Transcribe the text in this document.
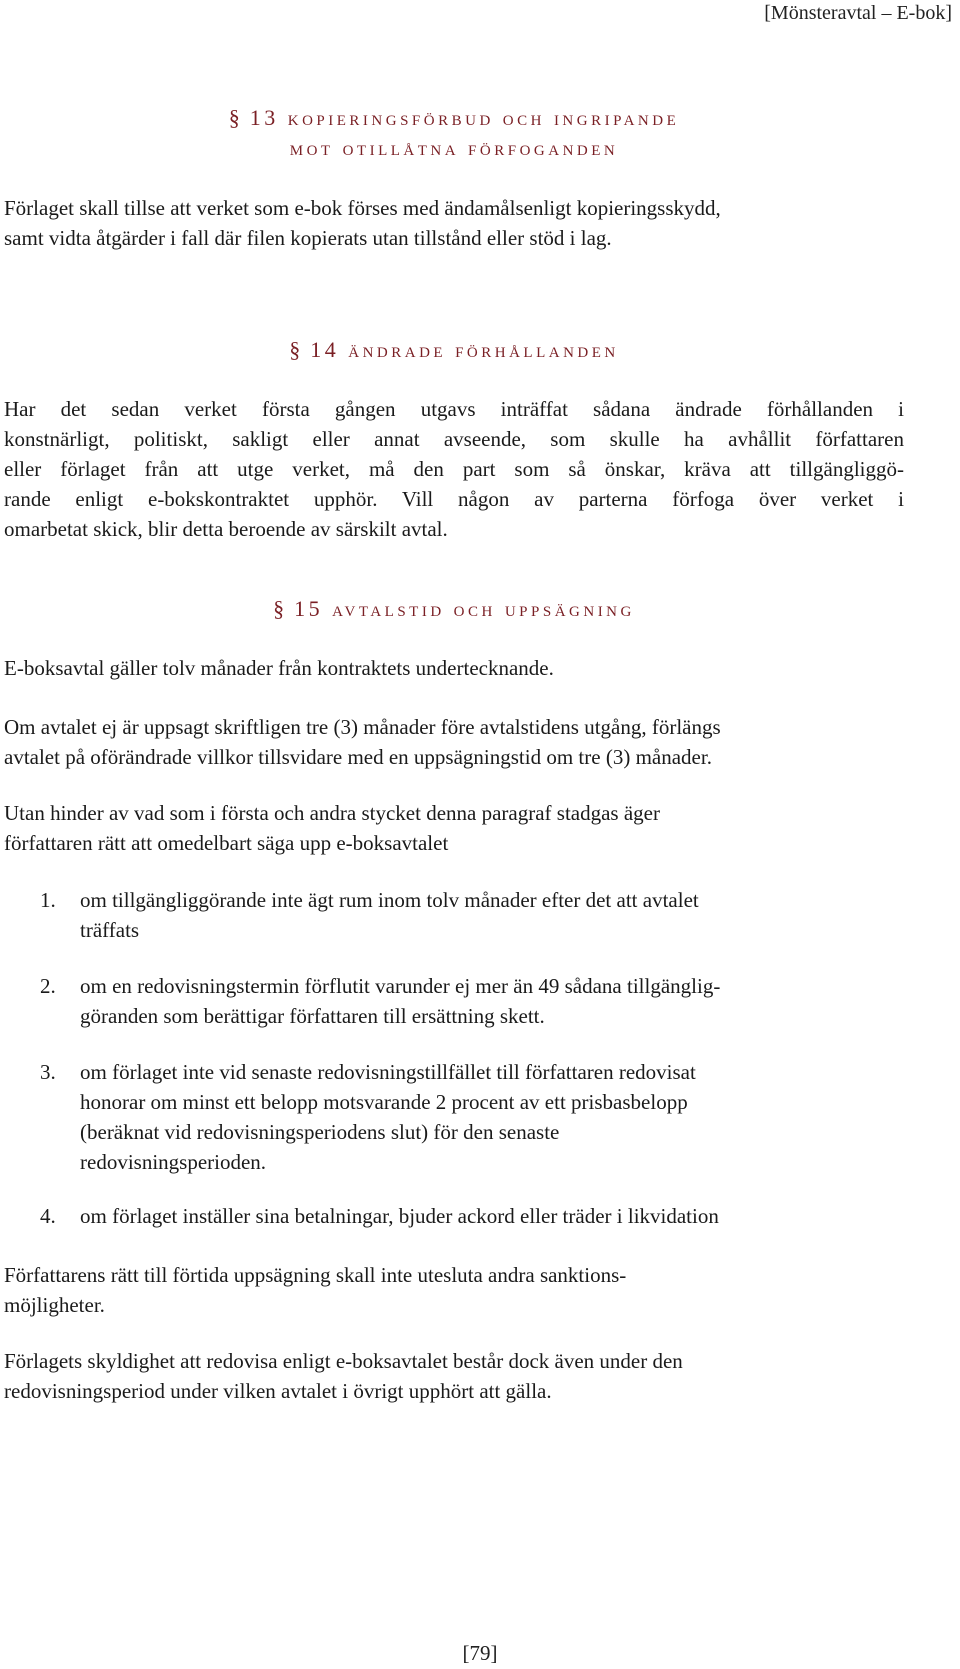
[Mönsteravtal – E-bok]
§ 13 kopieringsförbud och ingripande
mot otillåtna förfoganden
Förlaget skall tillse att verket som e-bok förses med ändamålsenligt kopieringsskydd,
samt vidta åtgärder i fall där filen kopierats utan tillstånd eller stöd i lag.
§ 14 ändrade förhållanden
Har det sedan verket första gången utgavs inträffat sådana ändrade förhållanden i
konstnärligt, politiskt, sakligt eller annat avseende, som skulle ha avhållit författaren
eller förlaget från att utge verket, må den part som så önskar, kräva att tillgängliggö-
rande enligt e-bokskontraktet upphör. Vill någon av parterna förfoga över verket i
omarbetat skick, blir detta beroende av särskilt avtal.
§ 15 avtalstid och uppsägning
E-boksavtal gäller tolv månader från kontraktets undertecknande.
Om avtalet ej är uppsagt skriftligen tre (3) månader före avtalstidens utgång, förlängs
avtalet på oförändrade villkor tillsvidare med en uppsägningstid om tre (3) månader.
Utan hinder av vad som i första och andra stycket denna paragraf stadgas äger
författaren rätt att omedelbart säga upp e-boksavtalet
1.	om tillgängliggörande inte ägt rum inom tolv månader efter det att avtalet
träffats
2.	om en redovisningstermin förflutit varunder ej mer än 49 sådana tillgänglig-
göranden som berättigar författaren till ersättning skett.
3.	om förlaget inte vid senaste redovisningstillfället till författaren redovisat
honorar om minst ett belopp motsvarande 2 procent av ett prisbasbelopp
(beräknat vid redovisningsperiodens slut) för den senaste
redovisningsperioden.
4.	om förlaget inställer sina betalningar, bjuder ackord eller träder i likvidation
Författarens rätt till förtida uppsägning skall inte utesluta andra sanktions-
möjligheter.
Förlagets skyldighet att redovisa enligt e-boksavtalet består dock även under den
redovisningsperiod under vilken avtalet i övrigt upphört att gälla.
[79]
